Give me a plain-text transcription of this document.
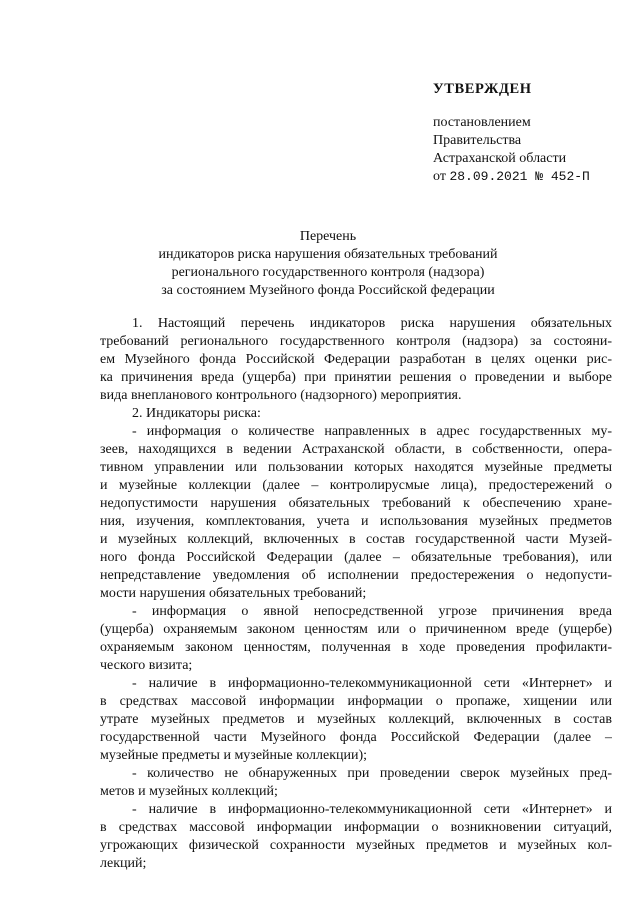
УТВЕРЖДЕН
постановлением
Правительства
Астраханской области
от 28.09.2021 № 452-П
Перечень
индикаторов риска нарушения обязательных требований
регионального государственного контроля (надзора)
за состоянием Музейного фонда Российской федерации
1. Настоящий перечень индикаторов риска нарушения обязательных
требований регионального государственного контроля (надзора) за состояни-
ем Музейного фонда Российской Федерации разработан в целях оценки рис-
ка причинения вреда (ущерба) при принятии решения о проведении и выборе
вида внепланового контрольного (надзорного) мероприятия.
2. Индикаторы риска:
- информация о количестве направленных в адрес государственных му-
зеев, находящихся в ведении Астраханской области, в собственности, опера-
тивном управлении или пользовании которых находятся музейные предметы
и музейные коллекции (далее – контролирусмые лица), предостережений о
недопустимости нарушения обязательных требований к обеспечению хране-
ния, изучения, комплектования, учета и использования музейных предметов
и музейных коллекций, включенных в состав государственной части Музей-
ного фонда Российской Федерации (далее – обязательные требования), или
непредставление уведомления об исполнении предостережения о недопусти-
мости нарушения обязательных требований;
- информация о явной непосредственной угрозе причинения вреда
(ущерба) охраняемым законом ценностям или о причиненном вреде (ущербе)
охраняемым законом ценностям, полученная в ходе проведения профилакти-
ческого визита;
- наличие в информационно-телекоммуникационной сети «Интернет» и
в средствах массовой информации информации о пропаже, хищении или
утрате музейных предметов и музейных коллекций, включенных в состав
государственной части Музейного фонда Российской Федерации (далее –
музейные предметы и музейные коллекции);
- количество не обнаруженных при проведении сверок музейных пред-
метов и музейных коллекций;
- наличие в информационно-телекоммуникационной сети «Интернет» и
в средствах массовой информации информации о возникновении ситуаций,
угрожающих физической сохранности музейных предметов и музейных кол-
лекций;
